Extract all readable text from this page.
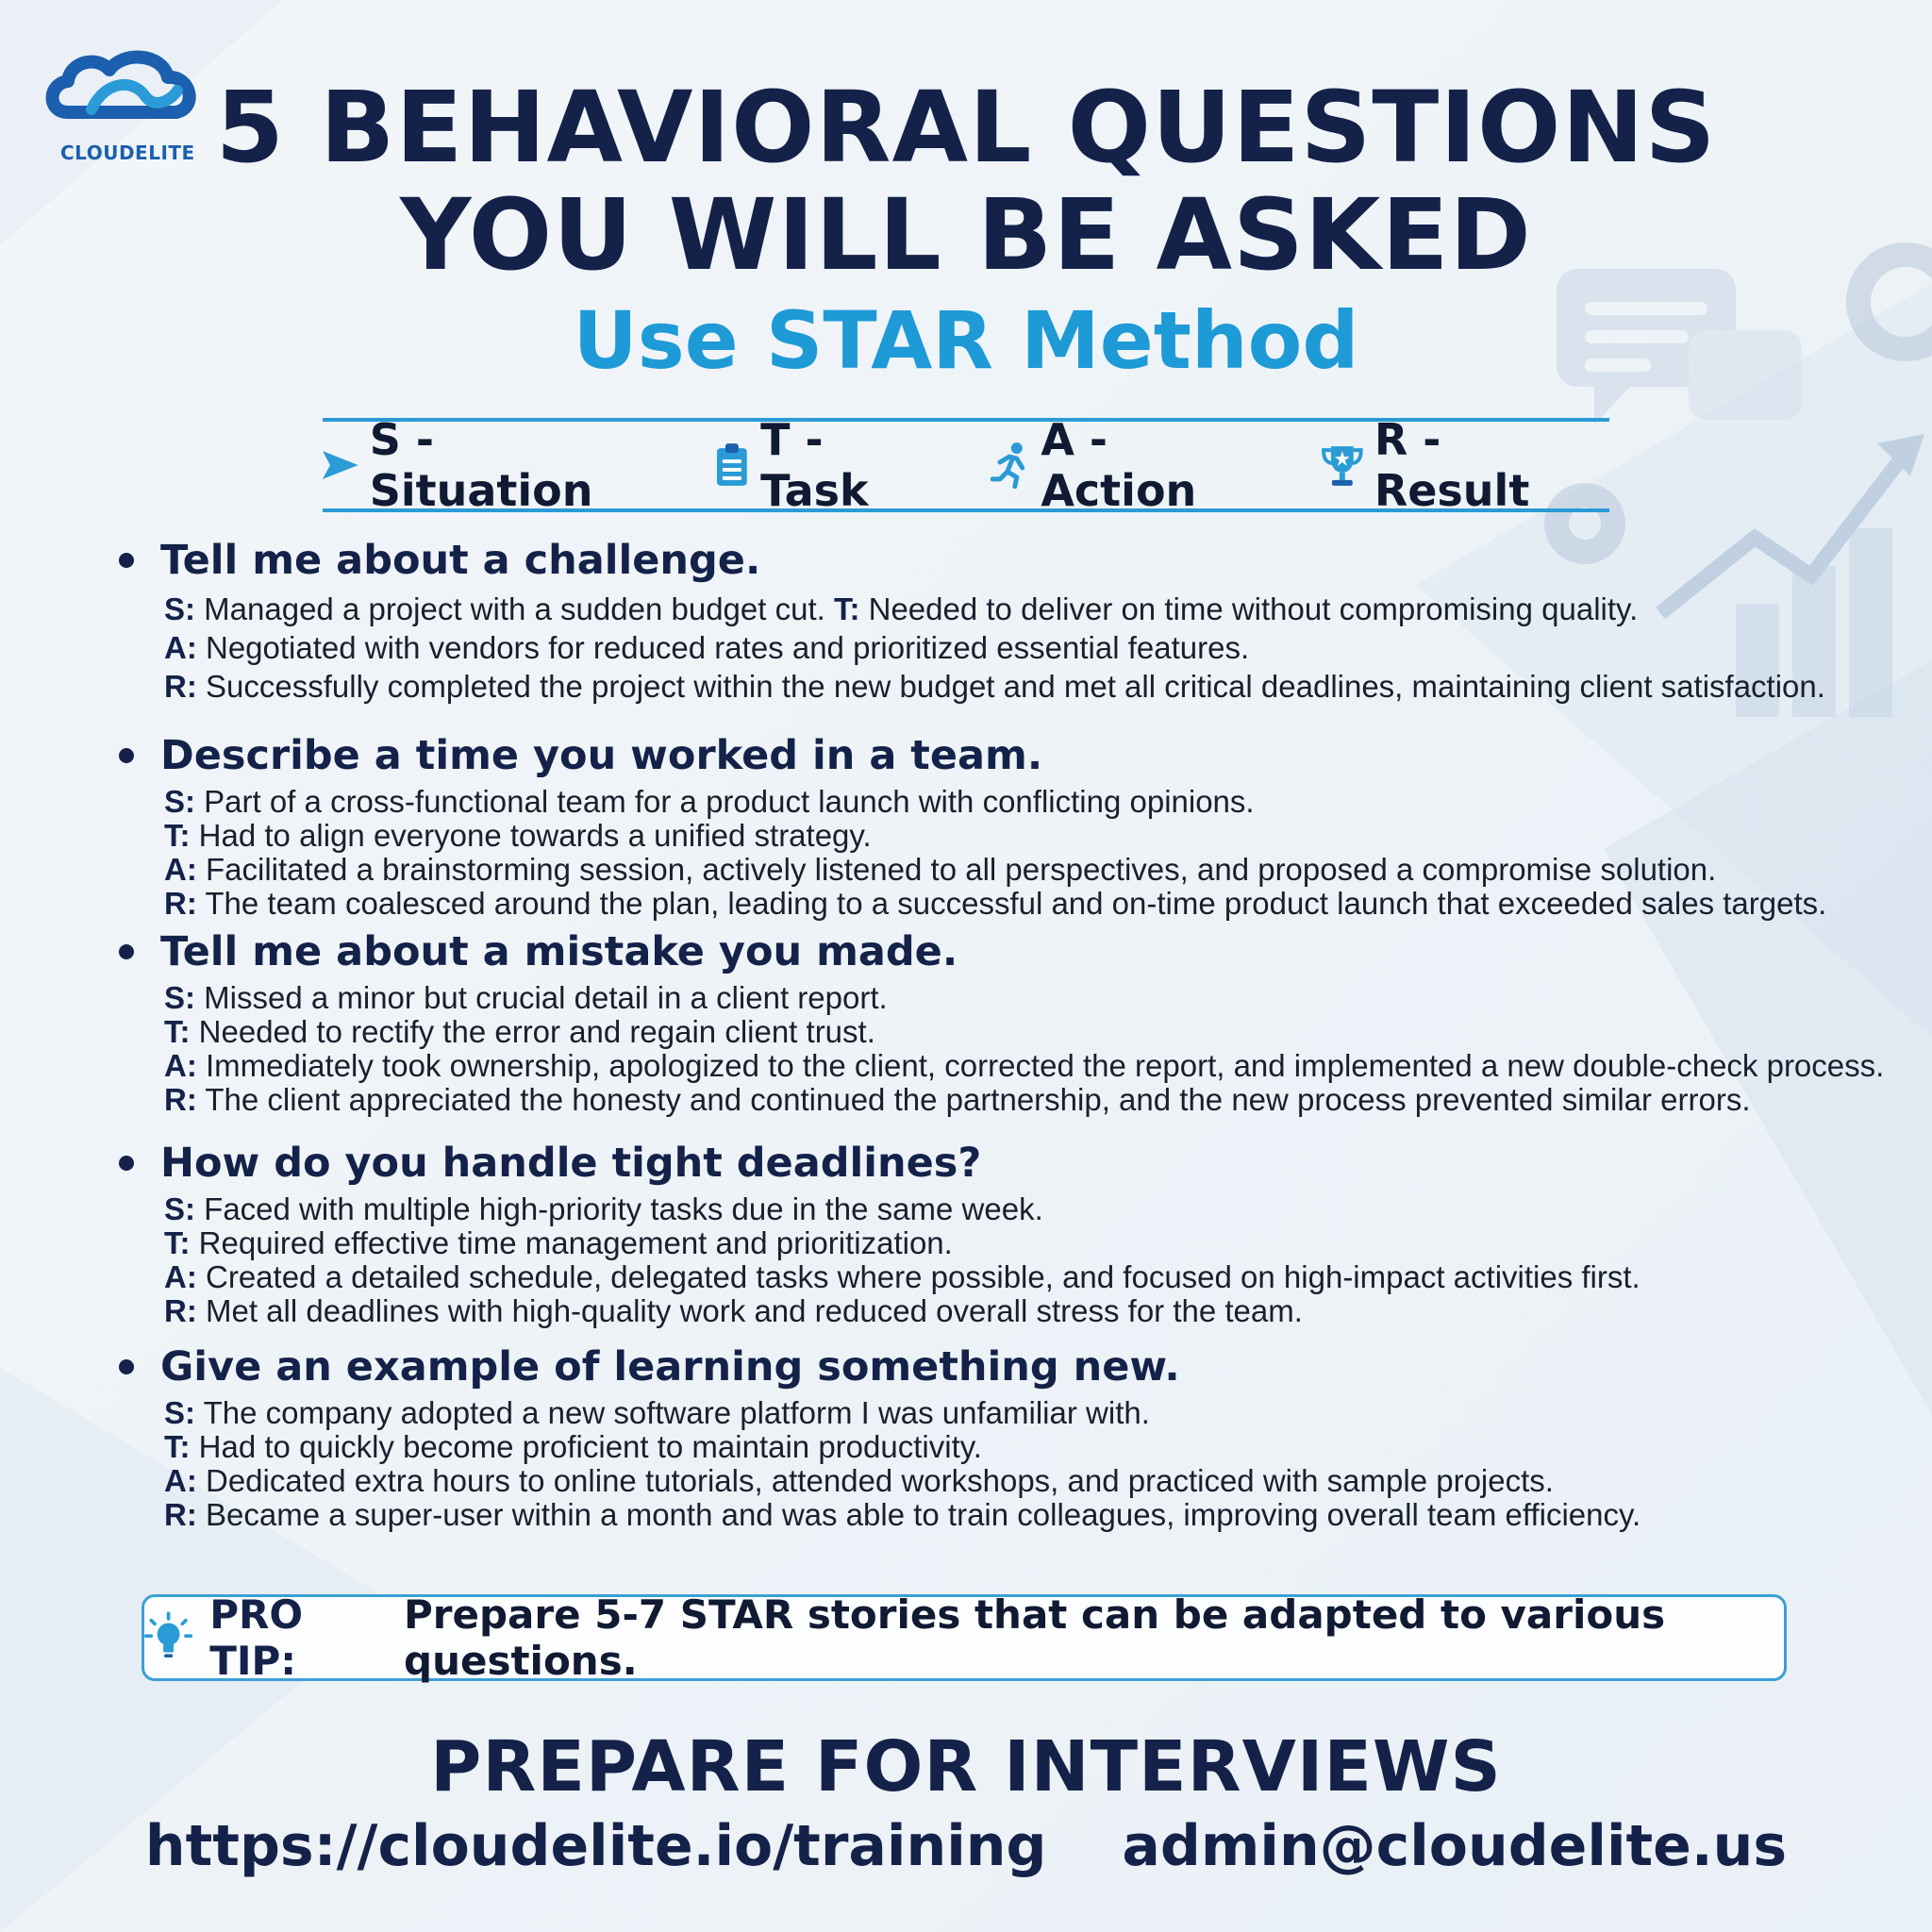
CLOUDELITE 5 BEHAVIORAL QUESTIONS
YOU WILL BE ASKED
Use STAR Method
S - Situation
T - Task
A - Action
R - Result
Tell me about a challenge.
S: Managed a project with a sudden budget cut. T: Needed to deliver on time without compromising quality.
A: Negotiated with vendors for reduced rates and prioritized essential features.
R: Successfully completed the project within the new budget and met all critical deadlines, maintaining client satisfaction.
Describe a time you worked in a team.
S: Part of a cross-functional team for a product launch with conflicting opinions.
T: Had to align everyone towards a unified strategy.
A: Facilitated a brainstorming session, actively listened to all perspectives, and proposed a compromise solution.
R: The team coalesced around the plan, leading to a successful and on-time product launch that exceeded sales targets.
Tell me about a mistake you made.
S: Missed a minor but crucial detail in a client report.
T: Needed to rectify the error and regain client trust.
A: Immediately took ownership, apologized to the client, corrected the report, and implemented a new double-check process.
R: The client appreciated the honesty and continued the partnership, and the new process prevented similar errors.
How do you handle tight deadlines?
S: Faced with multiple high-priority tasks due in the same week.
T: Required effective time management and prioritization.
A: Created a detailed schedule, delegated tasks where possible, and focused on high-impact activities first.
R: Met all deadlines with high-quality work and reduced overall stress for the team.
Give an example of learning something new.
S: The company adopted a new software platform I was unfamiliar with.
T: Had to quickly become proficient to maintain productivity.
A: Dedicated extra hours to online tutorials, attended workshops, and practiced with sample projects.
R: Became a super-user within a month and was able to train colleagues, improving overall team efficiency.
PRO TIP:
Prepare 5-7 STAR stories that can be adapted to various questions.
PREPARE FOR INTERVIEWS
https://cloudelite.io/training admin@cloudelite.us
